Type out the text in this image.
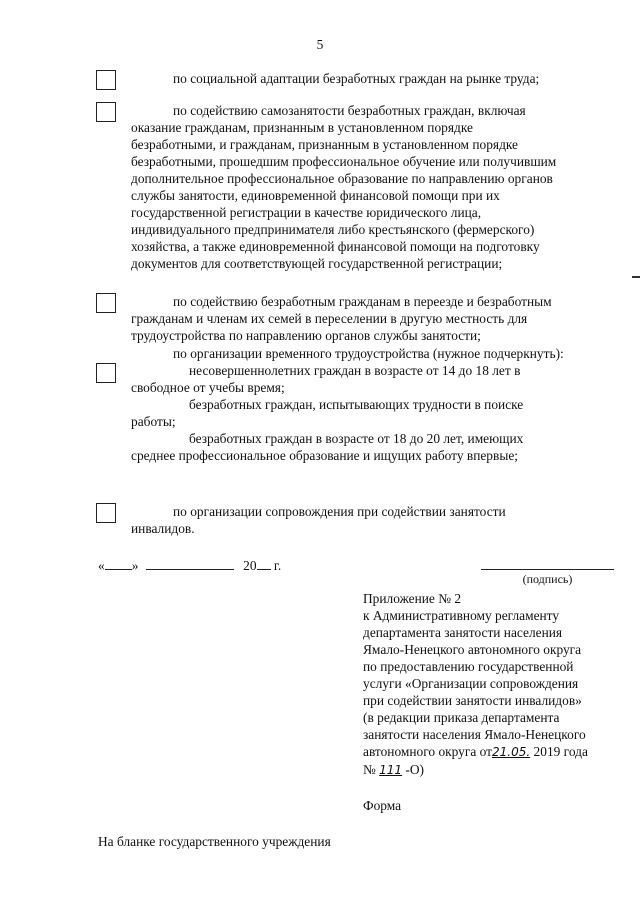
5

по социальной адаптации безработных граждан на рынке труда;

по содействию самозанятости безработных граждан, включая

оказание гражданам, признанным в установленном порядке

безработными, и гражданам, признанным в установленном порядке

безработными, прошедшим профессиональное обучение или получившим

дополнительное профессиональное образование по направлению органов

службы занятости, единовременной финансовой помощи при их

государственной регистрации в качестве юридического лица,

индивидуального предпринимателя либо крестьянского (фермерского)

хозяйства, а также единовременной финансовой помощи на подготовку

документов для соответствующей государственной регистрации;

по содействию безработным гражданам в переезде и безработным

гражданам и членам их семей в переселении в другую местность для

трудоустройства по направлению органов службы занятости;

по организации временного трудоустройства (нужное подчеркнуть):

несовершеннолетних граждан в возрасте от 14 до 18 лет в

свободное от учебы время;

безработных граждан, испытывающих трудности в поиске

работы;

безработных граждан в возрасте от 18 до 20 лет, имеющих

среднее профессиональное образование и ищущих работу впервые;

по организации сопровождения при содействии занятости

инвалидов.

« »	20 г.
(подпись)
Приложение № 2
к Административному регламенту
департамента занятости населения
Ямало-Ненецкого автономного округа
по предоставлению государственной
услуги «Организации сопровождения
при содействии занятости инвалидов»
(в редакции приказа департамента
занятости населения Ямало-Ненецкого
автономного округа от21.05. 2019 года
№ 111 -О)
Форма
На бланке государственного учреждения
